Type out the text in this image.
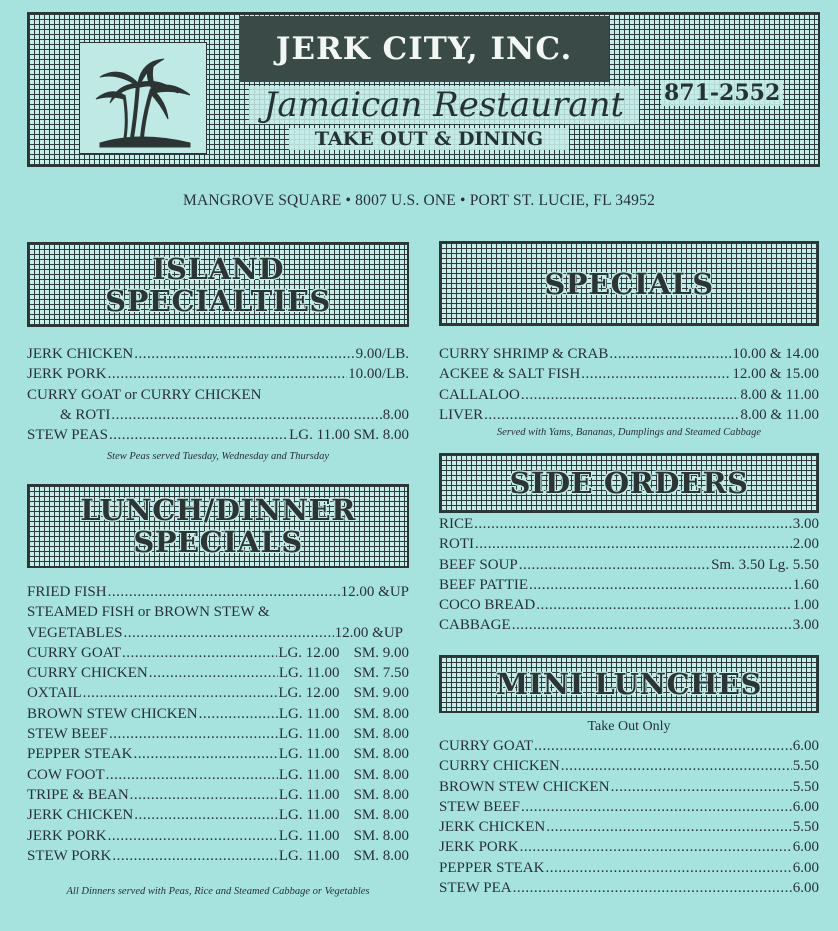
JERK CITY, INC.
Jamaican Restaurant
TAKE OUT & DINING
871-2552
MANGROVE SQUARE • 8007 U.S. ONE • PORT ST. LUCIE, FL 34952
ISLAND
SPECIALTIES
JERK CHICKEN .....	9.00/LB.
JERK PORK .....	10.00/LB.
CURRY GOAT or CURRY CHICKEN
& ROTI .....	8.00
STEW PEAS .....	LG. 11.00 SM. 8.00
Stew Peas served Tuesday, Wednesday and Thursday
LUNCH/DINNER
SPECIALS
FRIED FISH .....	12.00 &UP
STEAMED FISH or BROWN STEW &
VEGETABLES .....	12.00 &UP
CURRY GOAT .....	LG. 12.00 SM. 9.00
CURRY CHICKEN .....	LG. 11.00 SM. 7.50
OXTAIL .....	LG. 12.00 SM. 9.00
BROWN STEW CHICKEN .....	LG. 11.00 SM. 8.00
STEW BEEF .....	LG. 11.00 SM. 8.00
PEPPER STEAK .....	LG. 11.00 SM. 8.00
COW FOOT .....	LG. 11.00 SM. 8.00
TRIPE & BEAN .....	LG. 11.00 SM. 8.00
JERK CHICKEN .....	LG. 11.00 SM. 8.00
JERK PORK .....	LG. 11.00 SM. 8.00
STEW PORK .....	LG. 11.00 SM. 8.00
All Dinners served with Peas, Rice and Steamed Cabbage or Vegetables
SPECIALS
CURRY SHRIMP & CRAB .....	10.00 & 14.00
ACKEE & SALT FISH .....	12.00 & 15.00
CALLALOO .....	8.00 & 11.00
LIVER .....	8.00 & 11.00
Served with Yams, Bananas, Dumplings and Steamed Cabbage
SIDE ORDERS
RICE .....	3.00
ROTI .....	2.00
BEEF SOUP .....	Sm. 3.50 Lg. 5.50
BEEF PATTIE .....	1.60
COCO BREAD .....	1.00
CABBAGE .....	3.00
MINI LUNCHES
Take Out Only
CURRY GOAT .....	6.00
CURRY CHICKEN .....	5.50
BROWN STEW CHICKEN .....	5.50
STEW BEEF .....	6.00
JERK CHICKEN .....	5.50
JERK PORK .....	6.00
PEPPER STEAK .....	6.00
STEW PEA .....	6.00
